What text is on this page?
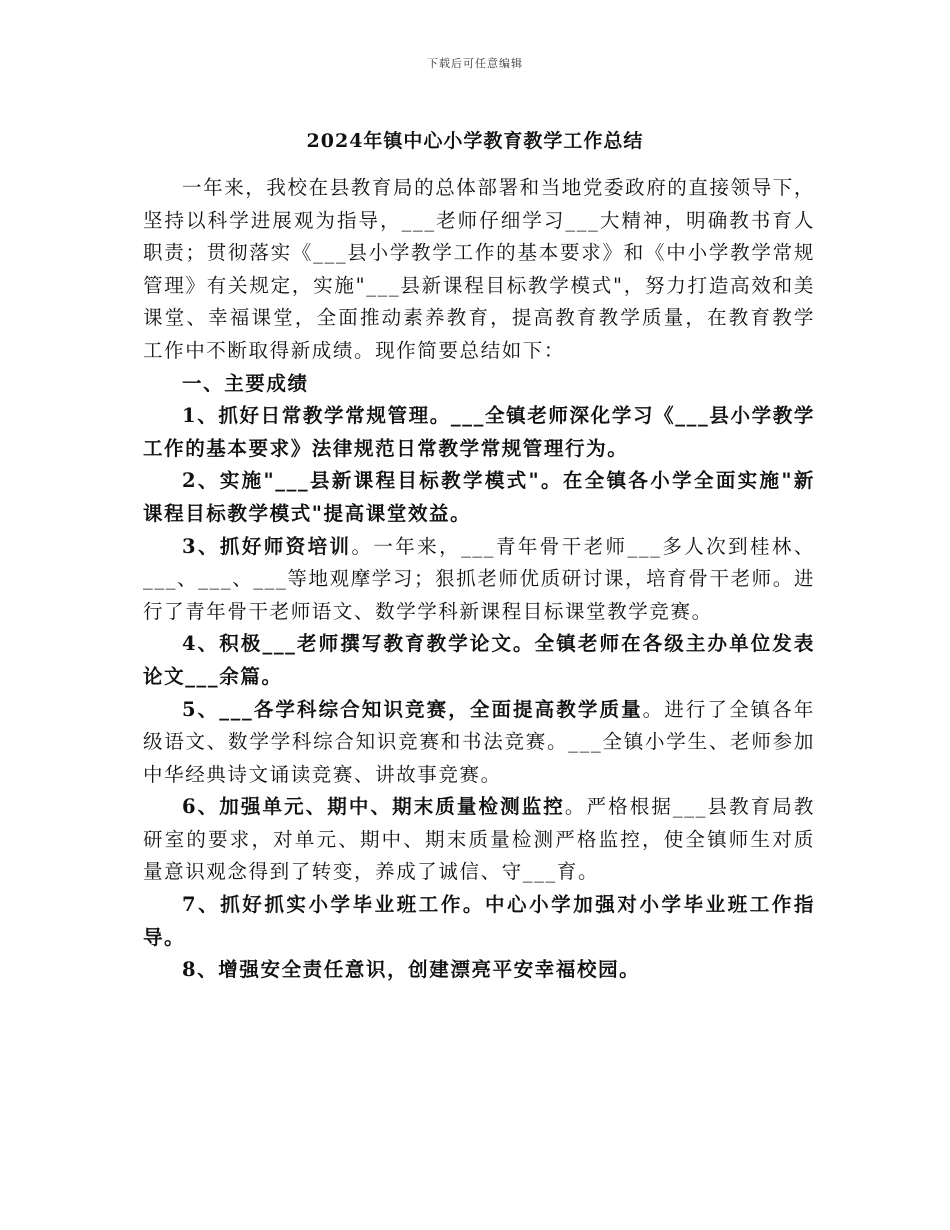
下载后可任意编辑
2024年镇中心小学教育教学工作总结

一年来，我校在县教育局的总体部署和当地党委政府的直接领导下，坚持以科学进展观为指导，___老师仔细学习___大精神，明确教书育人职责；贯彻落实《___县小学教学工作的基本要求》和《中小学教学常规管理》有关规定，实施"___县新课程目标教学模式"，努力打造高效和美课堂、幸福课堂，全面推动素养教育，提高教育教学质量，在教育教学工作中不断取得新成绩。现作简要总结如下：

一、主要成绩

1、抓好日常教学常规管理。___全镇老师深化学习《___县小学教学工作的基本要求》法律规范日常教学常规管理行为。

2、实施"___县新课程目标教学模式"。在全镇各小学全面实施"新课程目标教学模式"提高课堂效益。

3、抓好师资培训。一年来，___青年骨干老师___多人次到桂林、___、___、___等地观摩学习；狠抓老师优质研讨课，培育骨干老师。进行了青年骨干老师语文、数学学科新课程目标课堂教学竞赛。

4、积极___老师撰写教育教学论文。全镇老师在各级主办单位发表论文___余篇。

5、___各学科综合知识竞赛，全面提高教学质量。进行了全镇各年级语文、数学学科综合知识竞赛和书法竞赛。___全镇小学生、老师参加中华经典诗文诵读竞赛、讲故事竞赛。

6、加强单元、期中、期末质量检测监控。严格根据___县教育局教研室的要求，对单元、期中、期末质量检测严格监控，使全镇师生对质量意识观念得到了转变，养成了诚信、守___育。

7、抓好抓实小学毕业班工作。中心小学加强对小学毕业班工作指导。

8、增强安全责任意识，创建漂亮平安幸福校园。
